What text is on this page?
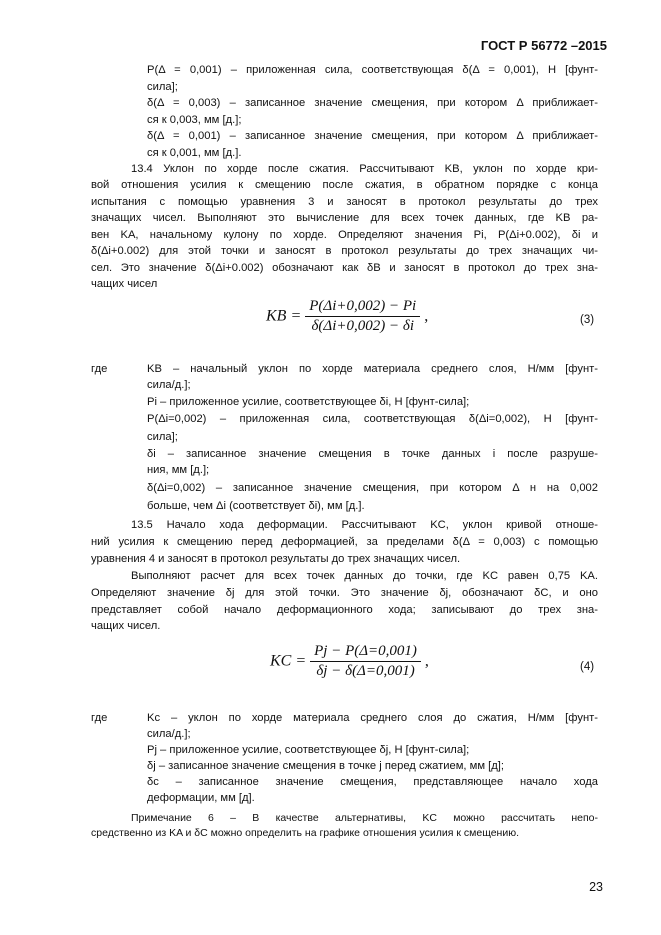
ГОСТ Р 56772 –2015
P(Δ = 0,001) – приложенная сила, соответствующая δ(Δ = 0,001), Н [фунт-
сила];
δ(Δ = 0,003) – записанное значение смещения, при котором Δ приближает-
ся к 0,003, мм [д.];
δ(Δ = 0,001) – записанное значение смещения, при котором Δ приближает-
ся к 0,001, мм [д.].
13.4 Уклон по хорде после сжатия. Рассчитывают KB, уклон по хорде кри-
вой отношения усилия к смещению после сжатия, в обратном порядке с конца
испытания с помощью уравнения 3 и заносят в протокол результаты до трех
значащих чисел. Выполняют это вычисление для всех точек данных, где KB ра-
вен KA, начальному кулону по хорде. Определяют значения Pi, P(Δi+0.002), δi и
δ(Δi+0.002) для этой точки и заносят в протокол результаты до трех значащих чи-
сел. Это значение δ(Δi+0.002) обозначают как δB и заносят в протокол до трех зна-
чащих чисел
KB = $\frac{P(\Delta i+0,002) - Pi}{\delta(\Delta i+0,002) - \delta i}$ ,	(3)
где	KB – начальный уклон по хорде материала среднего слоя, Н/мм [фунт-
сила/д.];
Pi – приложенное усилие, соответствующее δi, Н [фунт-сила];
P(Δi=0,002) – приложенная сила, соответствующая δ(Δi=0,002), Н [фунт-
сила];
δi – записанное значение смещения в точке данных i после разруше-
ния, мм [д.];
δ(Δi=0,002) – записанное значение смещения, при котором Δ н на 0,002
больше, чем Δi (соответствует δi), мм [д.].
13.5 Начало хода деформации. Рассчитывают KC, уклон кривой отноше-
ний усилия к смещению перед деформацией, за пределами δ(Δ = 0,003) с помощью
уравнения 4 и заносят в протокол результаты до трех значащих чисел.
Выполняют расчет для всех точек данных до точки, где KC равен 0,75 KA.
Определяют значение δj для этой точки. Это значение δj, обозначают δC, и оно
представляет собой начало деформационного хода; записывают до трех зна-
чащих чисел.
KC = $\frac{Pj - P(\Delta=0,001)}{\delta j - \delta(\Delta=0,001)}$ ,	(4)
где	Kc – уклон по хорде материала среднего слоя до сжатия, Н/мм [фунт-
сила/д.];
Pj – приложенное усилие, соответствующее δj, Н [фунт-сила];
δj – записанное значение смещения в точке j перед сжатием, мм [д];
δc – записанное значение смещения, представляющее начало хода
деформации, мм [д].
Примечание 6 – В качестве альтернативы, KC можно рассчитать непо-
средственно из KA и δC можно определить на графике отношения усилия к смещению.
23
